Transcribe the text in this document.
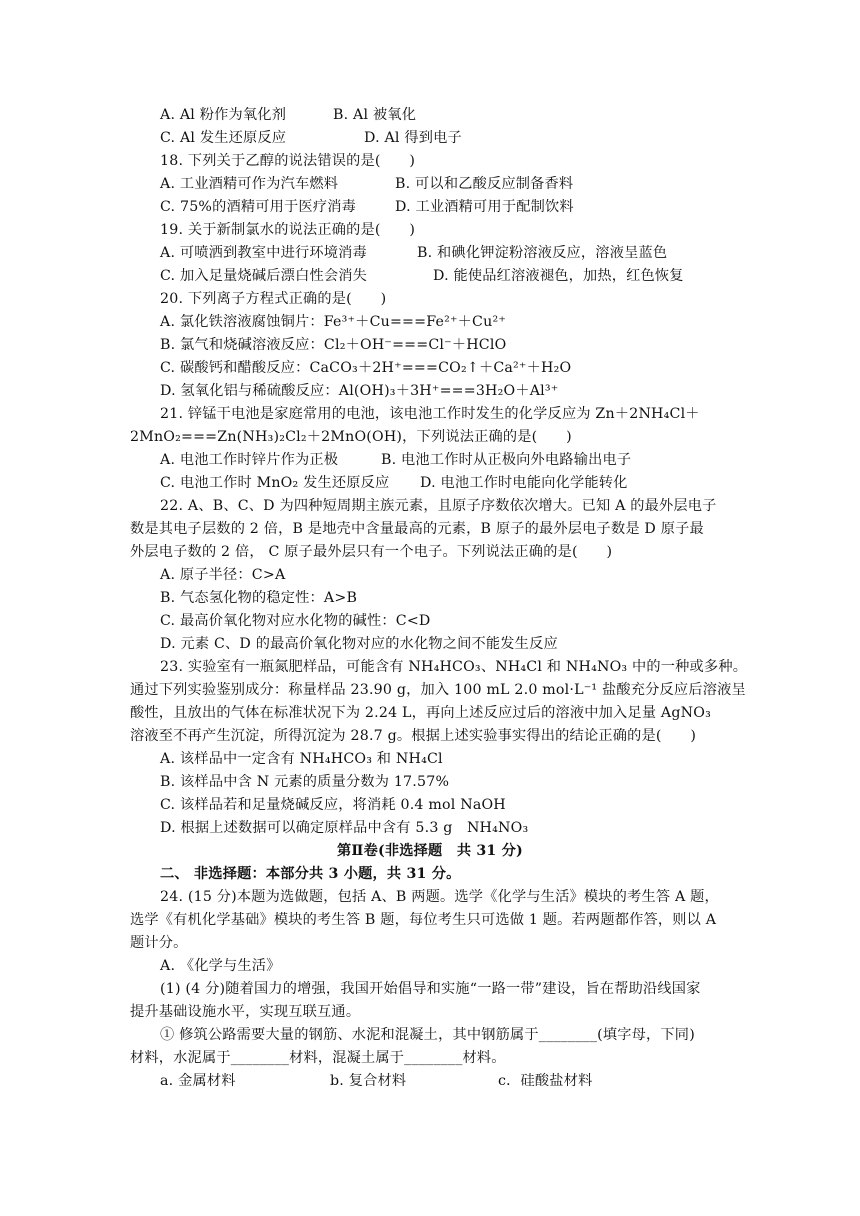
A. Al 粉作为氧化剂	B. Al 被氧化
C. Al 发生还原反应	D. Al 得到电子
18. 下列关于乙醇的说法错误的是(　　)
A. 工业酒精可作为汽车燃料	B. 可以和乙酸反应制备香料
C. 75%的酒精可用于医疗消毒	D. 工业酒精可用于配制饮料
19. 关于新制氯水的说法正确的是(　　)
A. 可喷洒到教室中进行环境消毒	B. 和碘化钾淀粉溶液反应，溶液呈蓝色
C. 加入足量烧碱后漂白性会消失	D. 能使品红溶液褪色，加热，红色恢复
20. 下列离子方程式正确的是(　　)
A. 氯化铁溶液腐蚀铜片：Fe³⁺＋Cu===Fe²⁺＋Cu²⁺
B. 氯气和烧碱溶液反应：Cl₂＋OH⁻===Cl⁻＋HClO
C. 碳酸钙和醋酸反应：CaCO₃＋2H⁺===CO₂↑＋Ca²⁺＋H₂O
D. 氢氧化铝与稀硫酸反应：Al(OH)₃＋3H⁺===3H₂O＋Al³⁺
21. 锌锰干电池是家庭常用的电池，该电池工作时发生的化学反应为 Zn＋2NH₄Cl＋
2MnO₂===Zn(NH₃)₂Cl₂＋2MnO(OH)，下列说法正确的是(　　)
A. 电池工作时锌片作为正极	B. 电池工作时从正极向外电路输出电子
C. 电池工作时 MnO₂ 发生还原反应 D. 电池工作时电能向化学能转化
22. A、B、C、D 为四种短周期主族元素，且原子序数依次增大。已知 A 的最外层电子
数是其电子层数的 2 倍，B 是地壳中含量最高的元素，B 原子的最外层电子数是 D 原子最
外层电子数的 2 倍， C 原子最外层只有一个电子。下列说法正确的是(　　)
A. 原子半径：C>A
B. 气态氢化物的稳定性：A>B
C. 最高价氧化物对应水化物的碱性：C<D
D. 元素 C、D 的最高价氧化物对应的水化物之间不能发生反应
23. 实验室有一瓶氮肥样品，可能含有 NH₄HCO₃、NH₄Cl 和 NH₄NO₃ 中的一种或多种。
通过下列实验鉴别成分：称量样品 23.90 g，加入 100 mL 2.0 mol·L⁻¹ 盐酸充分反应后溶液呈
酸性，且放出的气体在标准状况下为 2.24 L，再向上述反应过后的溶液中加入足量 AgNO₃
溶液至不再产生沉淀，所得沉淀为 28.7 g。根据上述实验事实得出的结论正确的是(　　)
A. 该样品中一定含有 NH₄HCO₃ 和 NH₄Cl
B. 该样品中含 N 元素的质量分数为 17.57%
C. 该样品若和足量烧碱反应，将消耗 0.4 mol NaOH
D. 根据上述数据可以确定原样品中含有 5.3 g　NH₄NO₃
第Ⅱ卷(非选择题　共 31 分)
二、 非选择题：本部分共 3 小题，共 31 分。
24. (15 分)本题为选做题，包括 A、B 两题。选学《化学与生活》模块的考生答 A 题，
选学《有机化学基础》模块的考生答 B 题，每位考生只可选做 1 题。若两题都作答，则以 A
题计分。
A. 《化学与生活》
(1) (4 分)随着国力的增强，我国开始倡导和实施“一路一带”建设，旨在帮助沿线国家
提升基础设施水平，实现互联互通。
① 修筑公路需要大量的钢筋、水泥和混凝土，其中钢筋属于________(填字母，下同)
材料，水泥属于________材料，混凝土属于________材料。
a. 金属材料	b. 复合材料	c．硅酸盐材料
